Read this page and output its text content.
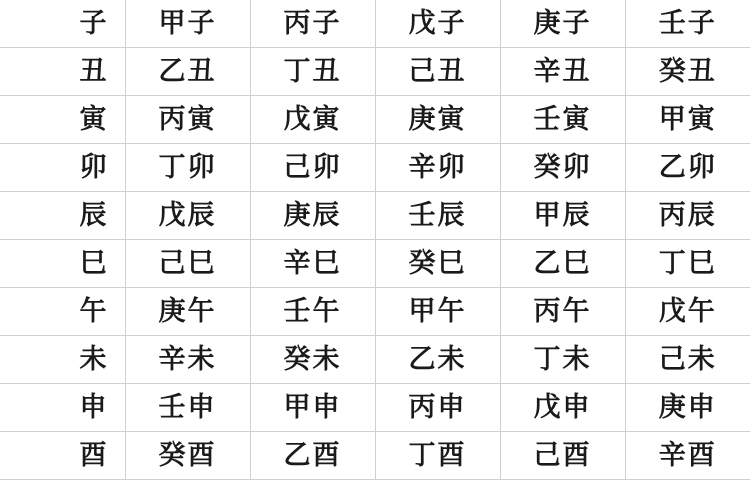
子	甲子	丙子	戊子	庚子	壬子
丑	乙丑	丁丑	己丑	辛丑	癸丑
寅	丙寅	戊寅	庚寅	壬寅	甲寅
卯	丁卯	己卯	辛卯	癸卯	乙卯
辰	戊辰	庚辰	壬辰	甲辰	丙辰
巳	己巳	辛巳	癸巳	乙巳	丁巳
午	庚午	壬午	甲午	丙午	戊午
未	辛未	癸未	乙未	丁未	己未
申	壬申	甲申	丙申	戊申	庚申
酉	癸酉	乙酉	丁酉	己酉	辛酉
